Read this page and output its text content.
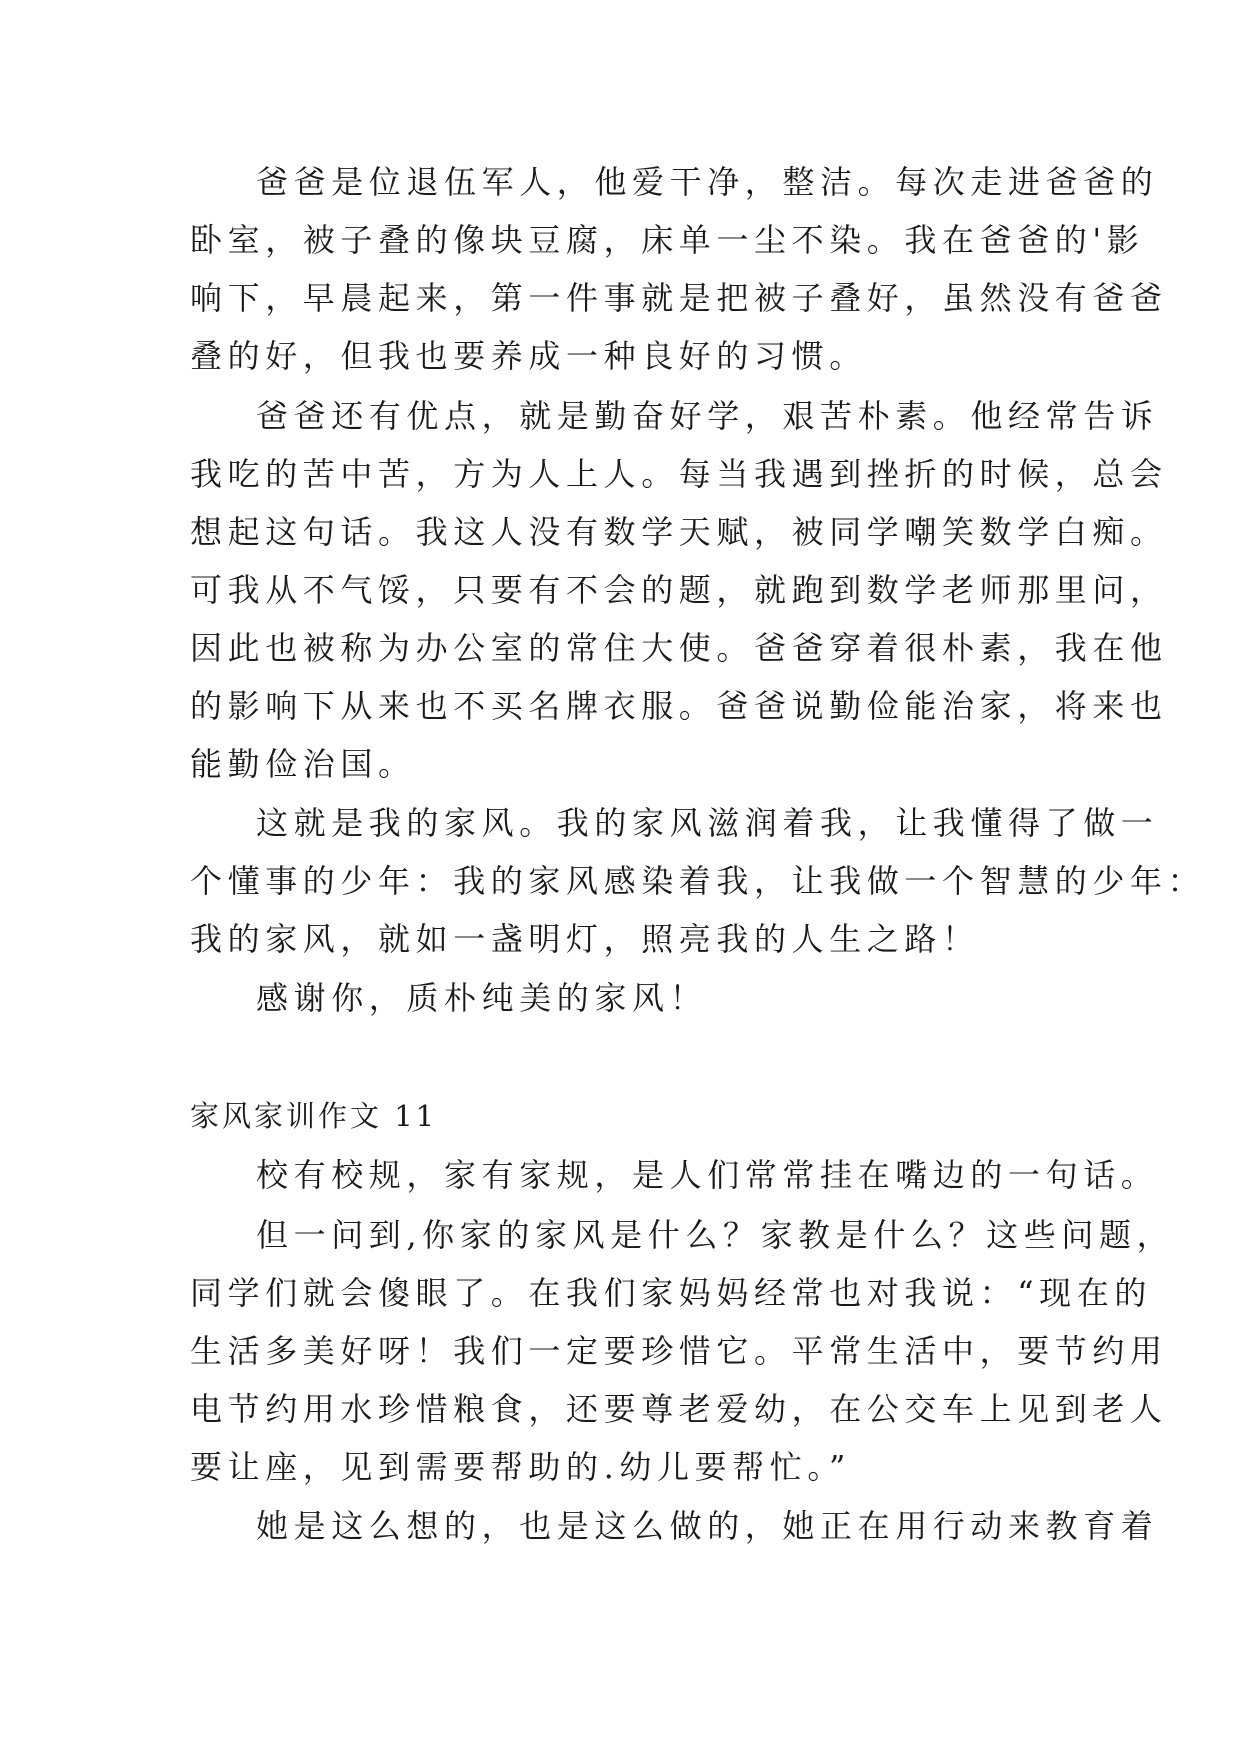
爸爸是位退伍军人，他爱干净，整洁。每次走进爸爸的
卧室，被子叠的像块豆腐，床单一尘不染。我在爸爸的'影
响下，早晨起来，第一件事就是把被子叠好，虽然没有爸爸
叠的好，但我也要养成一种良好的习惯。
爸爸还有优点，就是勤奋好学，艰苦朴素。他经常告诉
我吃的苦中苦，方为人上人。每当我遇到挫折的时候，总会
想起这句话。我这人没有数学天赋，被同学嘲笑数学白痴。
可我从不气馁，只要有不会的题，就跑到数学老师那里问，
因此也被称为办公室的常住大使。爸爸穿着很朴素，我在他
的影响下从来也不买名牌衣服。爸爸说勤俭能治家，将来也
能勤俭治国。
这就是我的家风。我的家风滋润着我，让我懂得了做一
个懂事的少年：我的家风感染着我，让我做一个智慧的少年：
我的家风，就如一盏明灯，照亮我的人生之路！
感谢你，质朴纯美的家风！
家风家训作文 11
校有校规，家有家规，是人们常常挂在嘴边的一句话。
但一问到,你家的家风是什么？家教是什么？这些问题，
同学们就会傻眼了。在我们家妈妈经常也对我说：“现在的
生活多美好呀！我们一定要珍惜它。平常生活中，要节约用
电节约用水珍惜粮食，还要尊老爱幼，在公交车上见到老人
要让座，见到需要帮助的.幼儿要帮忙。”
她是这么想的，也是这么做的，她正在用行动来教育着
